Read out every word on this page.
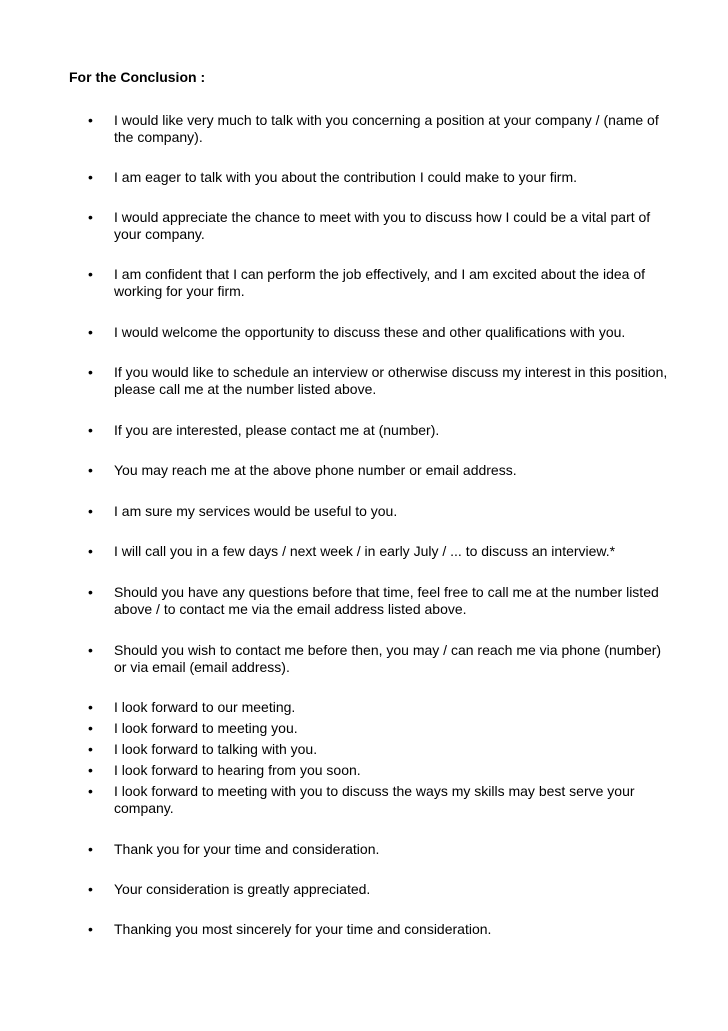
For the Conclusion :
•	I would like very much to talk with you concerning a position at your company / (name of the company).
•	I am eager to talk with you about the contribution I could make to your firm.
•	I would appreciate the chance to meet with you to discuss how I could be a vital part of your company.
•	I am confident that I can perform the job effectively, and I am excited about the idea of working for your firm.
•	I would welcome the opportunity to discuss these and other qualifications with you.
•	If you would like to schedule an interview or otherwise discuss my interest in this position, please call me at the number listed above.
•	If you are interested, please contact me at (number).
•	You may reach me at the above phone number or email address.
•	I am sure my services would be useful to you.
•	I will call you in a few days / next week / in early July / ... to discuss an interview.*
•	Should you have any questions before that time, feel free to call me at the number listed above / to contact me via the email address listed above.
•	Should you wish to contact me before then, you may / can reach me via phone (number) or via email (email address).
•	I look forward to our meeting.
•	I look forward to meeting you.
•	I look forward to talking with you.
•	I look forward to hearing from you soon.
•	I look forward to meeting with you to discuss the ways my skills may best serve your company.
•	Thank you for your time and consideration.
•	Your consideration is greatly appreciated.
•	Thanking you most sincerely for your time and consideration.
